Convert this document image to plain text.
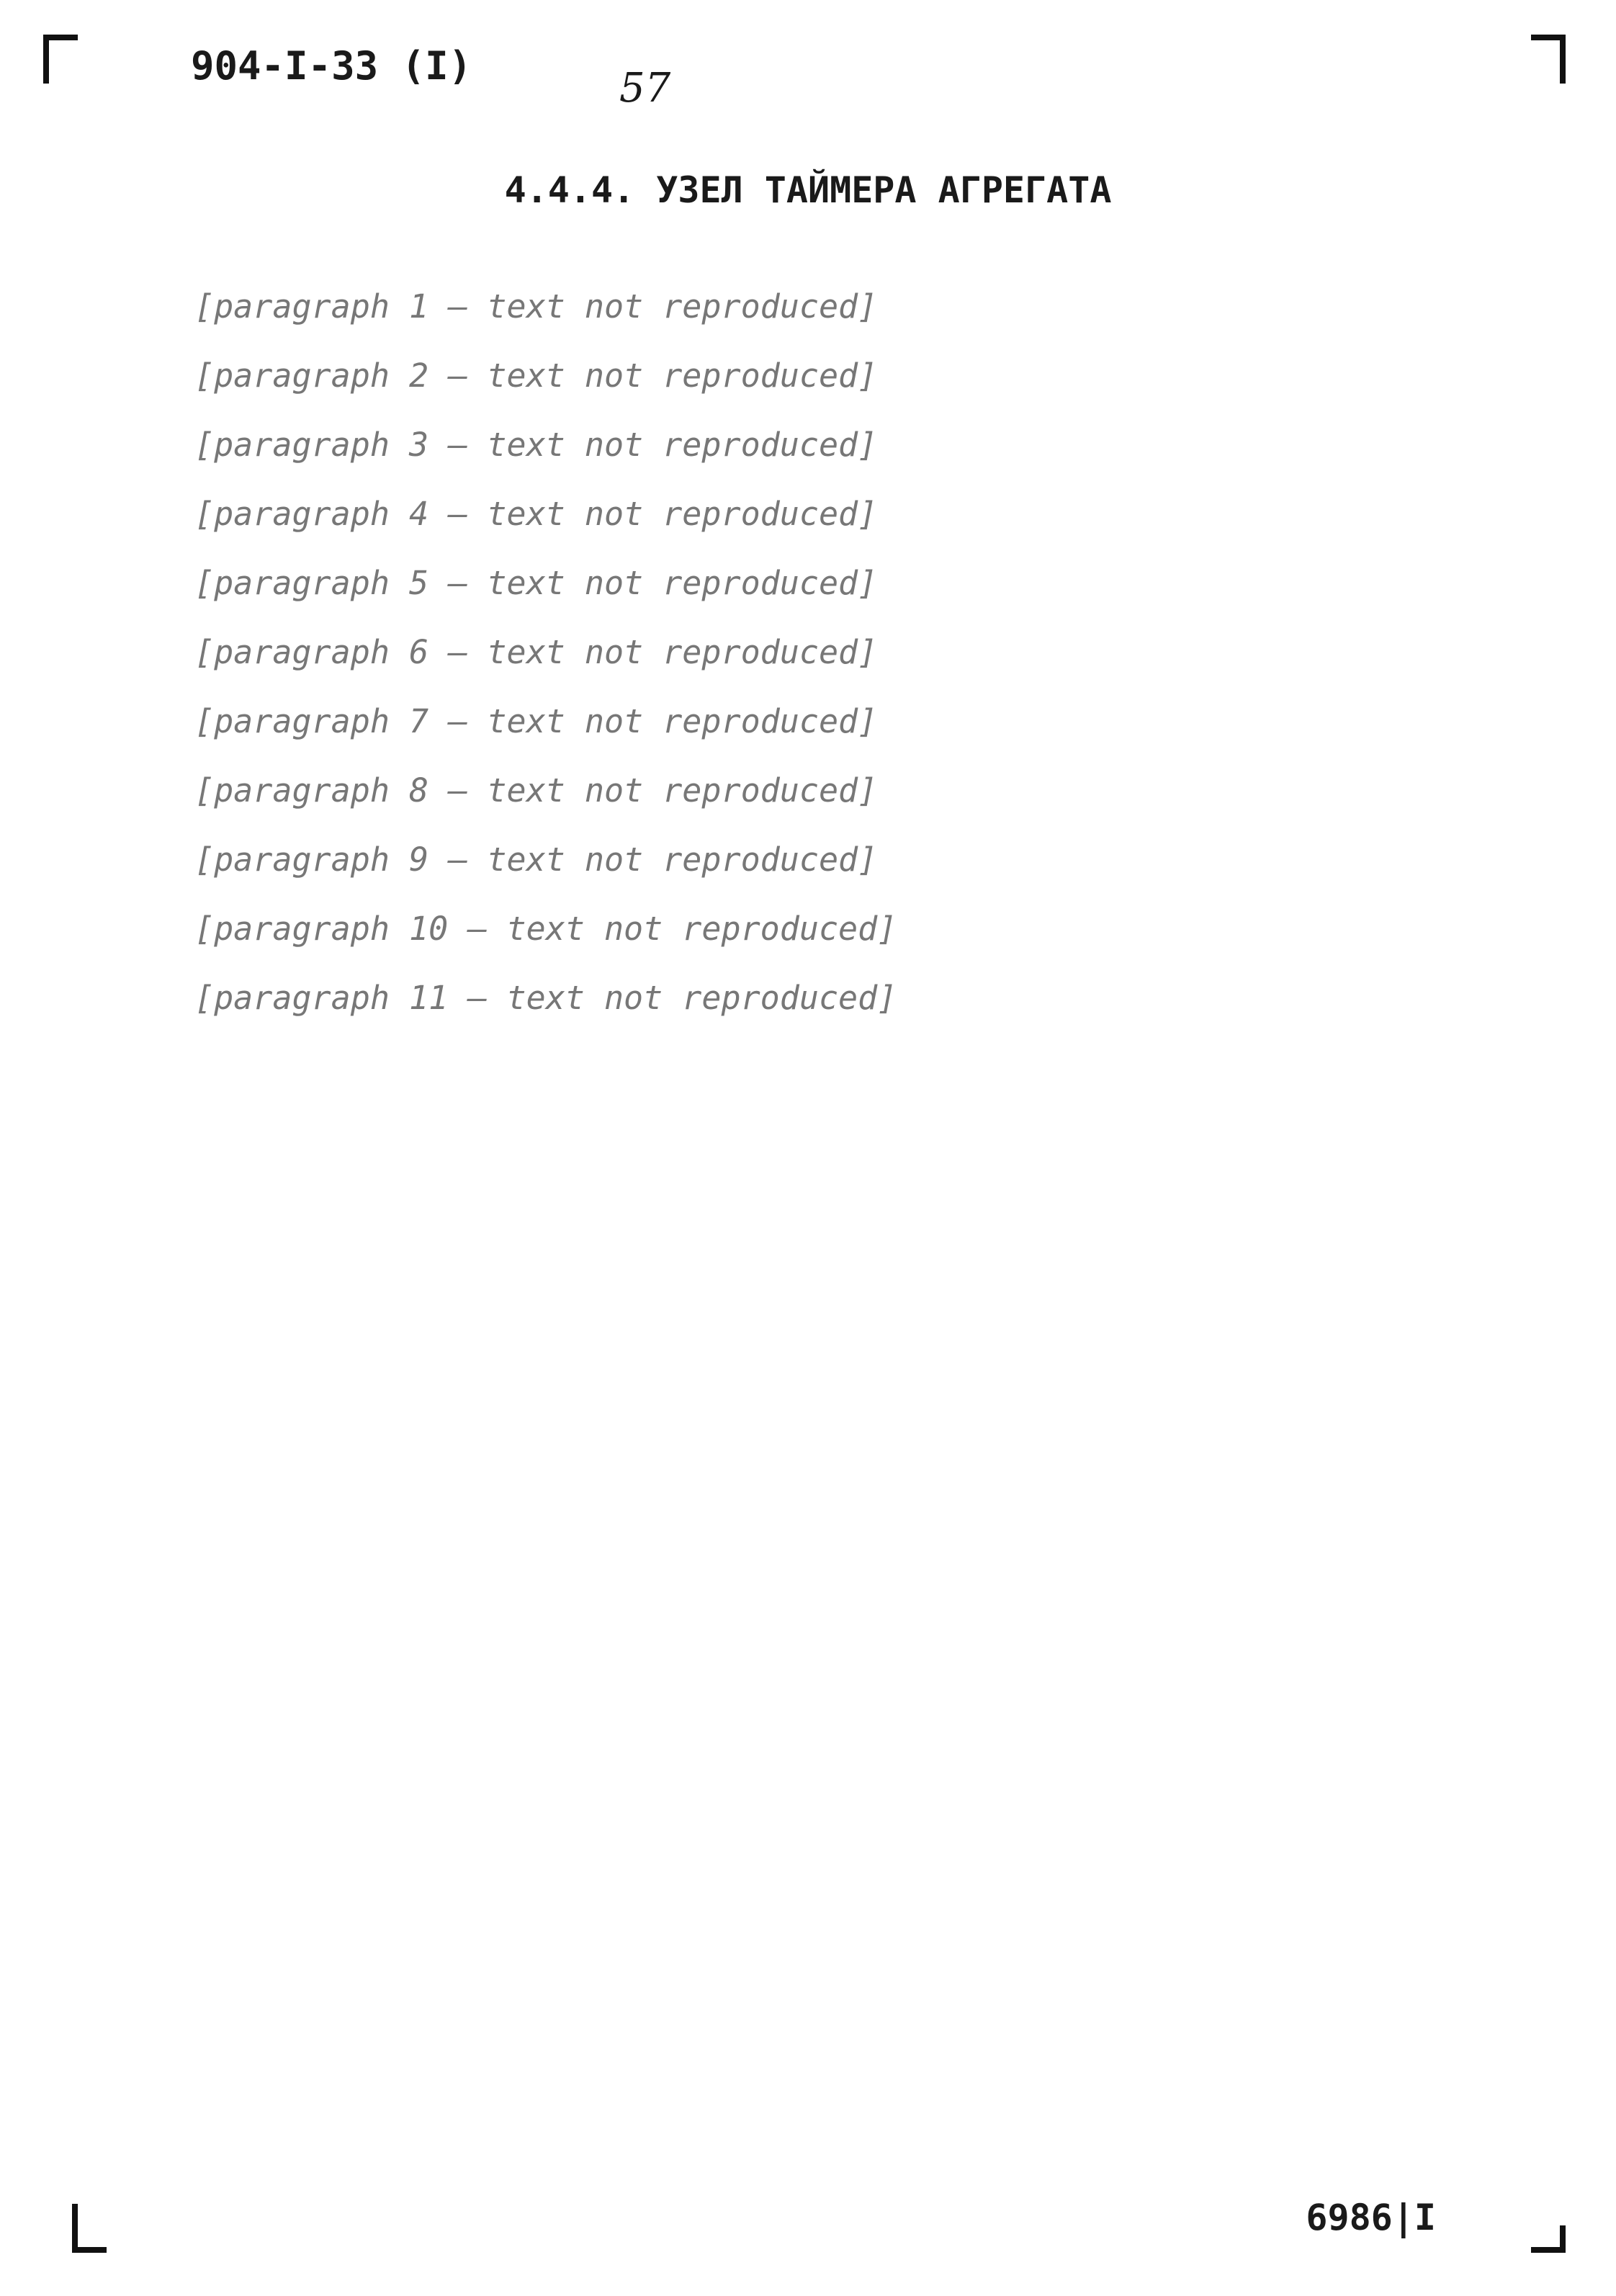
904-I-33 (I)	57
4.4.4. УЗЕЛ ТАЙМЕРА АГРЕГАТА

[paragraph 1 — text not reproduced]

[paragraph 2 — text not reproduced]

[paragraph 3 — text not reproduced]

[paragraph 4 — text not reproduced]

[paragraph 5 — text not reproduced]

[paragraph 6 — text not reproduced]

[paragraph 7 — text not reproduced]

[paragraph 8 — text not reproduced]

[paragraph 9 — text not reproduced]

[paragraph 10 — text not reproduced]

[paragraph 11 — text not reproduced]

6986|I
